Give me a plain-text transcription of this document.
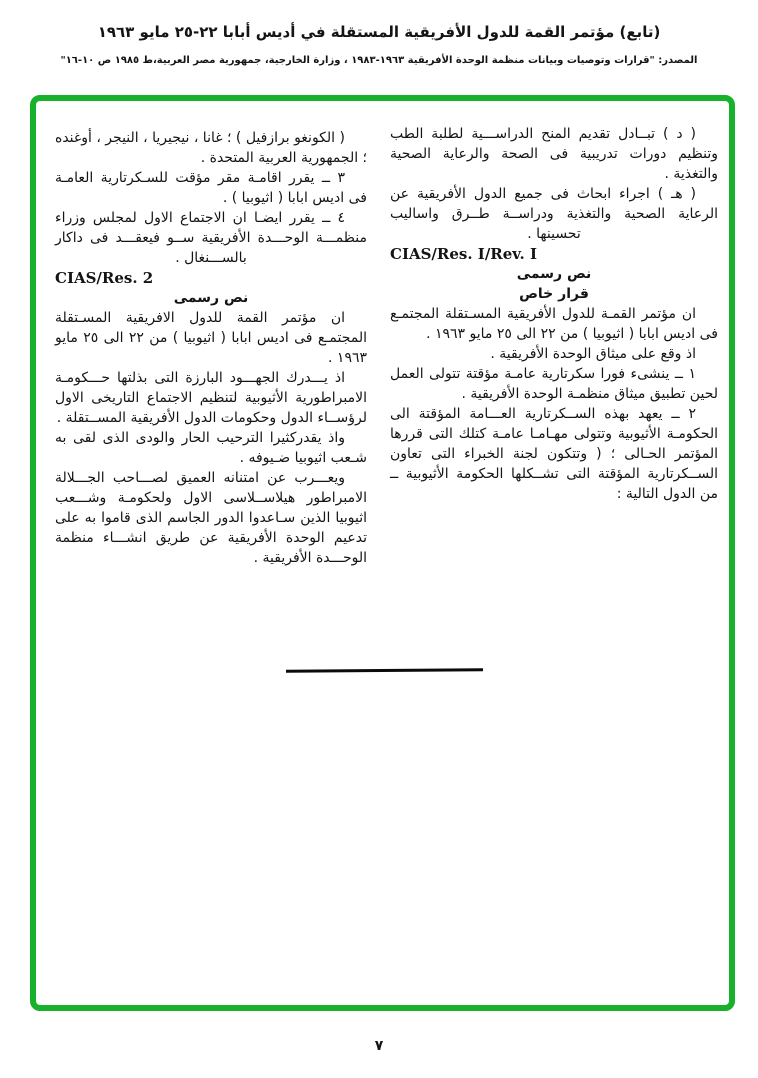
(تابع) مؤتمر القمة للدول الأفريقية المستقلة في أديس أبابا ٢٢-٢٥ مايو ١٩٦٣
المصدر: "قرارات وتوصيات وبيانات منظمة الوحدة الأفريقية ١٩٦٣-١٩٨٣ ، وزارة الخارجية، جمهورية مصر العربية،ط ١٩٨٥ ص ١٠-١٦"

( د ) تبــادل تقديم المنح الدراســـية لطلبة الطب وتنظيم دورات تدريبية فى الصحة والرعاية الصحية والتغذية .

( هـ ) اجراء ابحاث فى جميع الدول الأفريقية عن الرعاية الصحية والتغذية ودراســة طــرق واساليب تحسينها .

CIAS/Res. I/Rev. I

نص رسمى

قرار خاص

ان مؤتمر القمـة للدول الأفريقية المسـتقلة المجتمـع فى اديس ابابا ( اثيوبيا ) من ٢٢ الى ٢٥ مايو ١٩٦٣ .

اذ وقع على ميثاق الوحدة الأفريقية .

١ ــ ينشىء فورا سكرتارية عامـة مؤقتة تتولى العمل لحين تطبيق ميثاق منظمـة الوحدة الأفريقية .

٢ ــ يعهد بهذه الســكرتارية العـــامة المؤقتة الى الحكومـة الأثيوبية وتتولى مهـامـا عامـة كتلك التى قررها المؤتمر الحـالى ؛ ( وتتكون لجنة الخبراء التى تعاون الســكرتارية المؤقتة التى تشــكلها الحكومة الأثيوبية ــ من الدول التالية :

( الكونغو برازفيل ) ؛ غانا ، نيجيريا ، النيجر ، أوغنده ؛ الجمهورية العربية المتحدة .

٣ ــ يقرر اقامـة مقر مؤقت للسـكرتارية العامـة فى اديس ابابا ( اثيوبيا ) .

٤ ــ يقرر ايضـا ان الاجتماع الاول لمجلس وزراء منظمـــة الوحـــدة الأفريقية ســو فيعقـــد فى داكار بالســـنغال .

CIAS/Res. 2

نص رسمى

ان مؤتمر القمة للدول الافريقية المسـتقلة المجتمـع فى اديس ابابا ( اثيوبيا ) من ٢٢ الى ٢٥ مايو ١٩٦٣ .

اذ يـــدرك الجهـــود البارزة التى بذلتها حـــكومـة الامبراطورية الأثيوبية لتنظيم الاجتماع التاريخى الاول لرؤســاء الدول وحكومات الدول الأفريقية المســتقلة .

واذ يقدركثيرا الترحيب الحار والودى الذى لقى به شـعب اثيوبيا ضـيوفه .

ويعـــرب عن امتنانه العميق لصـــاحب الجـــلالة الامبراطور هيلاســلاسى الاول ولحكومـة وشـــعب اثيوبيا الذين سـاعدوا الدور الجاسم الذى قاموا به على تدعيم الوحدة الأفريقية عن طريق انشـــاء منظمة الوحـــدة الأفريقية .

٧
